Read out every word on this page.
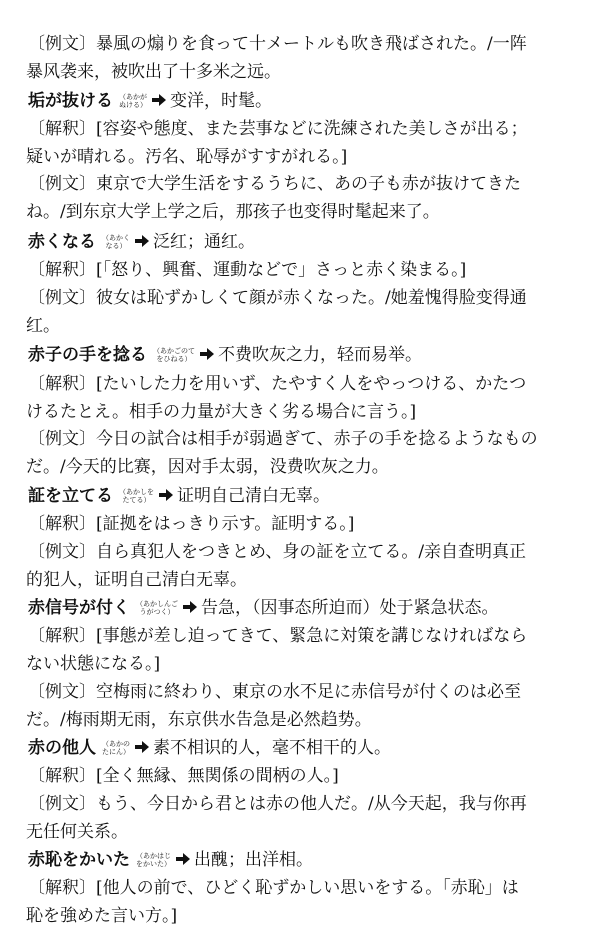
〔例文〕暴風の煽りを食って十メートルも吹き飛ばされた。/一阵
暴风袭来，被吹出了十多米之远。
垢が抜ける （あかが
ぬける） 变洋，时髦。
〔解釈〕[容姿や態度、また芸事などに洗練された美しさが出る；
疑いが晴れる。汚名、恥辱がすすがれる。]
〔例文〕東京で大学生活をするうちに、あの子も赤が抜けてきた
ね。/到东京大学上学之后，那孩子也变得时髦起来了。
赤くなる （あかく
なる） 泛红；通红。
〔解釈〕[「怒り、興奮、運動などで」さっと赤く染まる。]
〔例文〕彼女は恥ずかしくて顔が赤くなった。/她羞愧得脸变得通
红。
赤子の手を捻る （あかごのて
をひねる） 不费吹灰之力，轻而易举。
〔解釈〕[たいした力を用いず、たやすく人をやっつける、かたつ
けるたとえ。相手の力量が大きく劣る場合に言う。]
〔例文〕今日の試合は相手が弱過ぎて、赤子の手を捻るようなもの
だ。/今天的比赛，因对手太弱，没费吹灰之力。
証を立てる （あかしを
たてる） 证明自己清白无辜。
〔解釈〕[証拠をはっきり示す。証明する。]
〔例文〕自ら真犯人をつきとめ、身の証を立てる。/亲自查明真正
的犯人，证明自己清白无辜。
赤信号が付く （あかしんご
うがつく） 告急，（因事态所迫而）处于紧急状态。
〔解釈〕[事態が差し迫ってきて、緊急に対策を講じなければなら
ない状態になる。]
〔例文〕空梅雨に終わり、東京の水不足に赤信号が付くのは必至
だ。/梅雨期无雨，东京供水告急是必然趋势。
赤の他人 （あかの
たにん） 素不相识的人，毫不相干的人。
〔解釈〕[全く無縁、無関係の間柄の人。]
〔例文〕もう、今日から君とは赤の他人だ。/从今天起，我与你再
无任何关系。
赤恥をかいた （あかはじ
をかいた） 出醜；出洋相。
〔解釈〕[他人の前で、ひどく恥ずかしい思いをする。「赤恥」は
恥を強めた言い方。]
